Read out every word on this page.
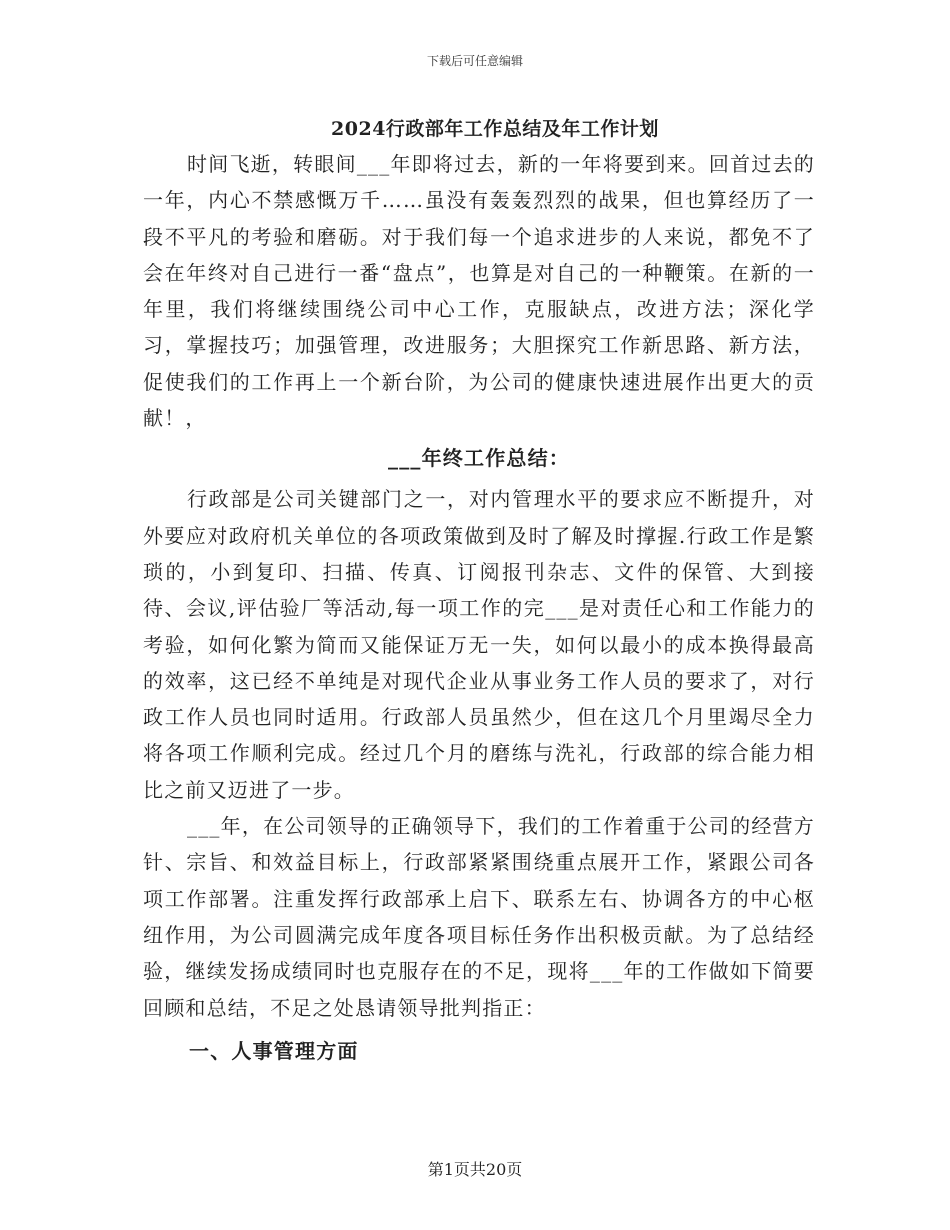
下载后可任意编辑
2024行政部年工作总结及年工作计划

时间飞逝，转眼间___年即将过去，新的一年将要到来。回首过去的一年，内心不禁感慨万千……虽没有轰轰烈烈的战果，但也算经历了一段不平凡的考验和磨砺。对于我们每一个追求进步的人来说，都免不了会在年终对自己进行一番“盘点”，也算是对自己的一种鞭策。在新的一年里，我们将继续围绕公司中心工作，克服缺点，改进方法；深化学习，掌握技巧；加强管理，改进服务；大胆探究工作新思路、新方法，促使我们的工作再上一个新台阶，为公司的健康快速进展作出更大的贡献！，

___年终工作总结：

行政部是公司关键部门之一，对内管理水平的要求应不断提升，对外要应对政府机关单位的各项政策做到及时了解及时撑握.行政工作是繁琐的，小到复印、扫描、传真、订阅报刊杂志、文件的保管、大到接待、会议,评估验厂等活动,每一项工作的完___是对责任心和工作能力的考验，如何化繁为简而又能保证万无一失，如何以最小的成本换得最高的效率，这已经不单纯是对现代企业从事业务工作人员的要求了，对行政工作人员也同时适用。行政部人员虽然少，但在这几个月里竭尽全力将各项工作顺利完成。经过几个月的磨练与洗礼，行政部的综合能力相比之前又迈进了一步。

___年，在公司领导的正确领导下，我们的工作着重于公司的经营方针、宗旨、和效益目标上，行政部紧紧围绕重点展开工作，紧跟公司各项工作部署。注重发挥行政部承上启下、联系左右、协调各方的中心枢纽作用，为公司圆满完成年度各项目标任务作出积极贡献。为了总结经验，继续发扬成绩同时也克服存在的不足，现将___年的工作做如下简要回顾和总结，不足之处恳请领导批判指正：

一、人事管理方面

第1页共20页
